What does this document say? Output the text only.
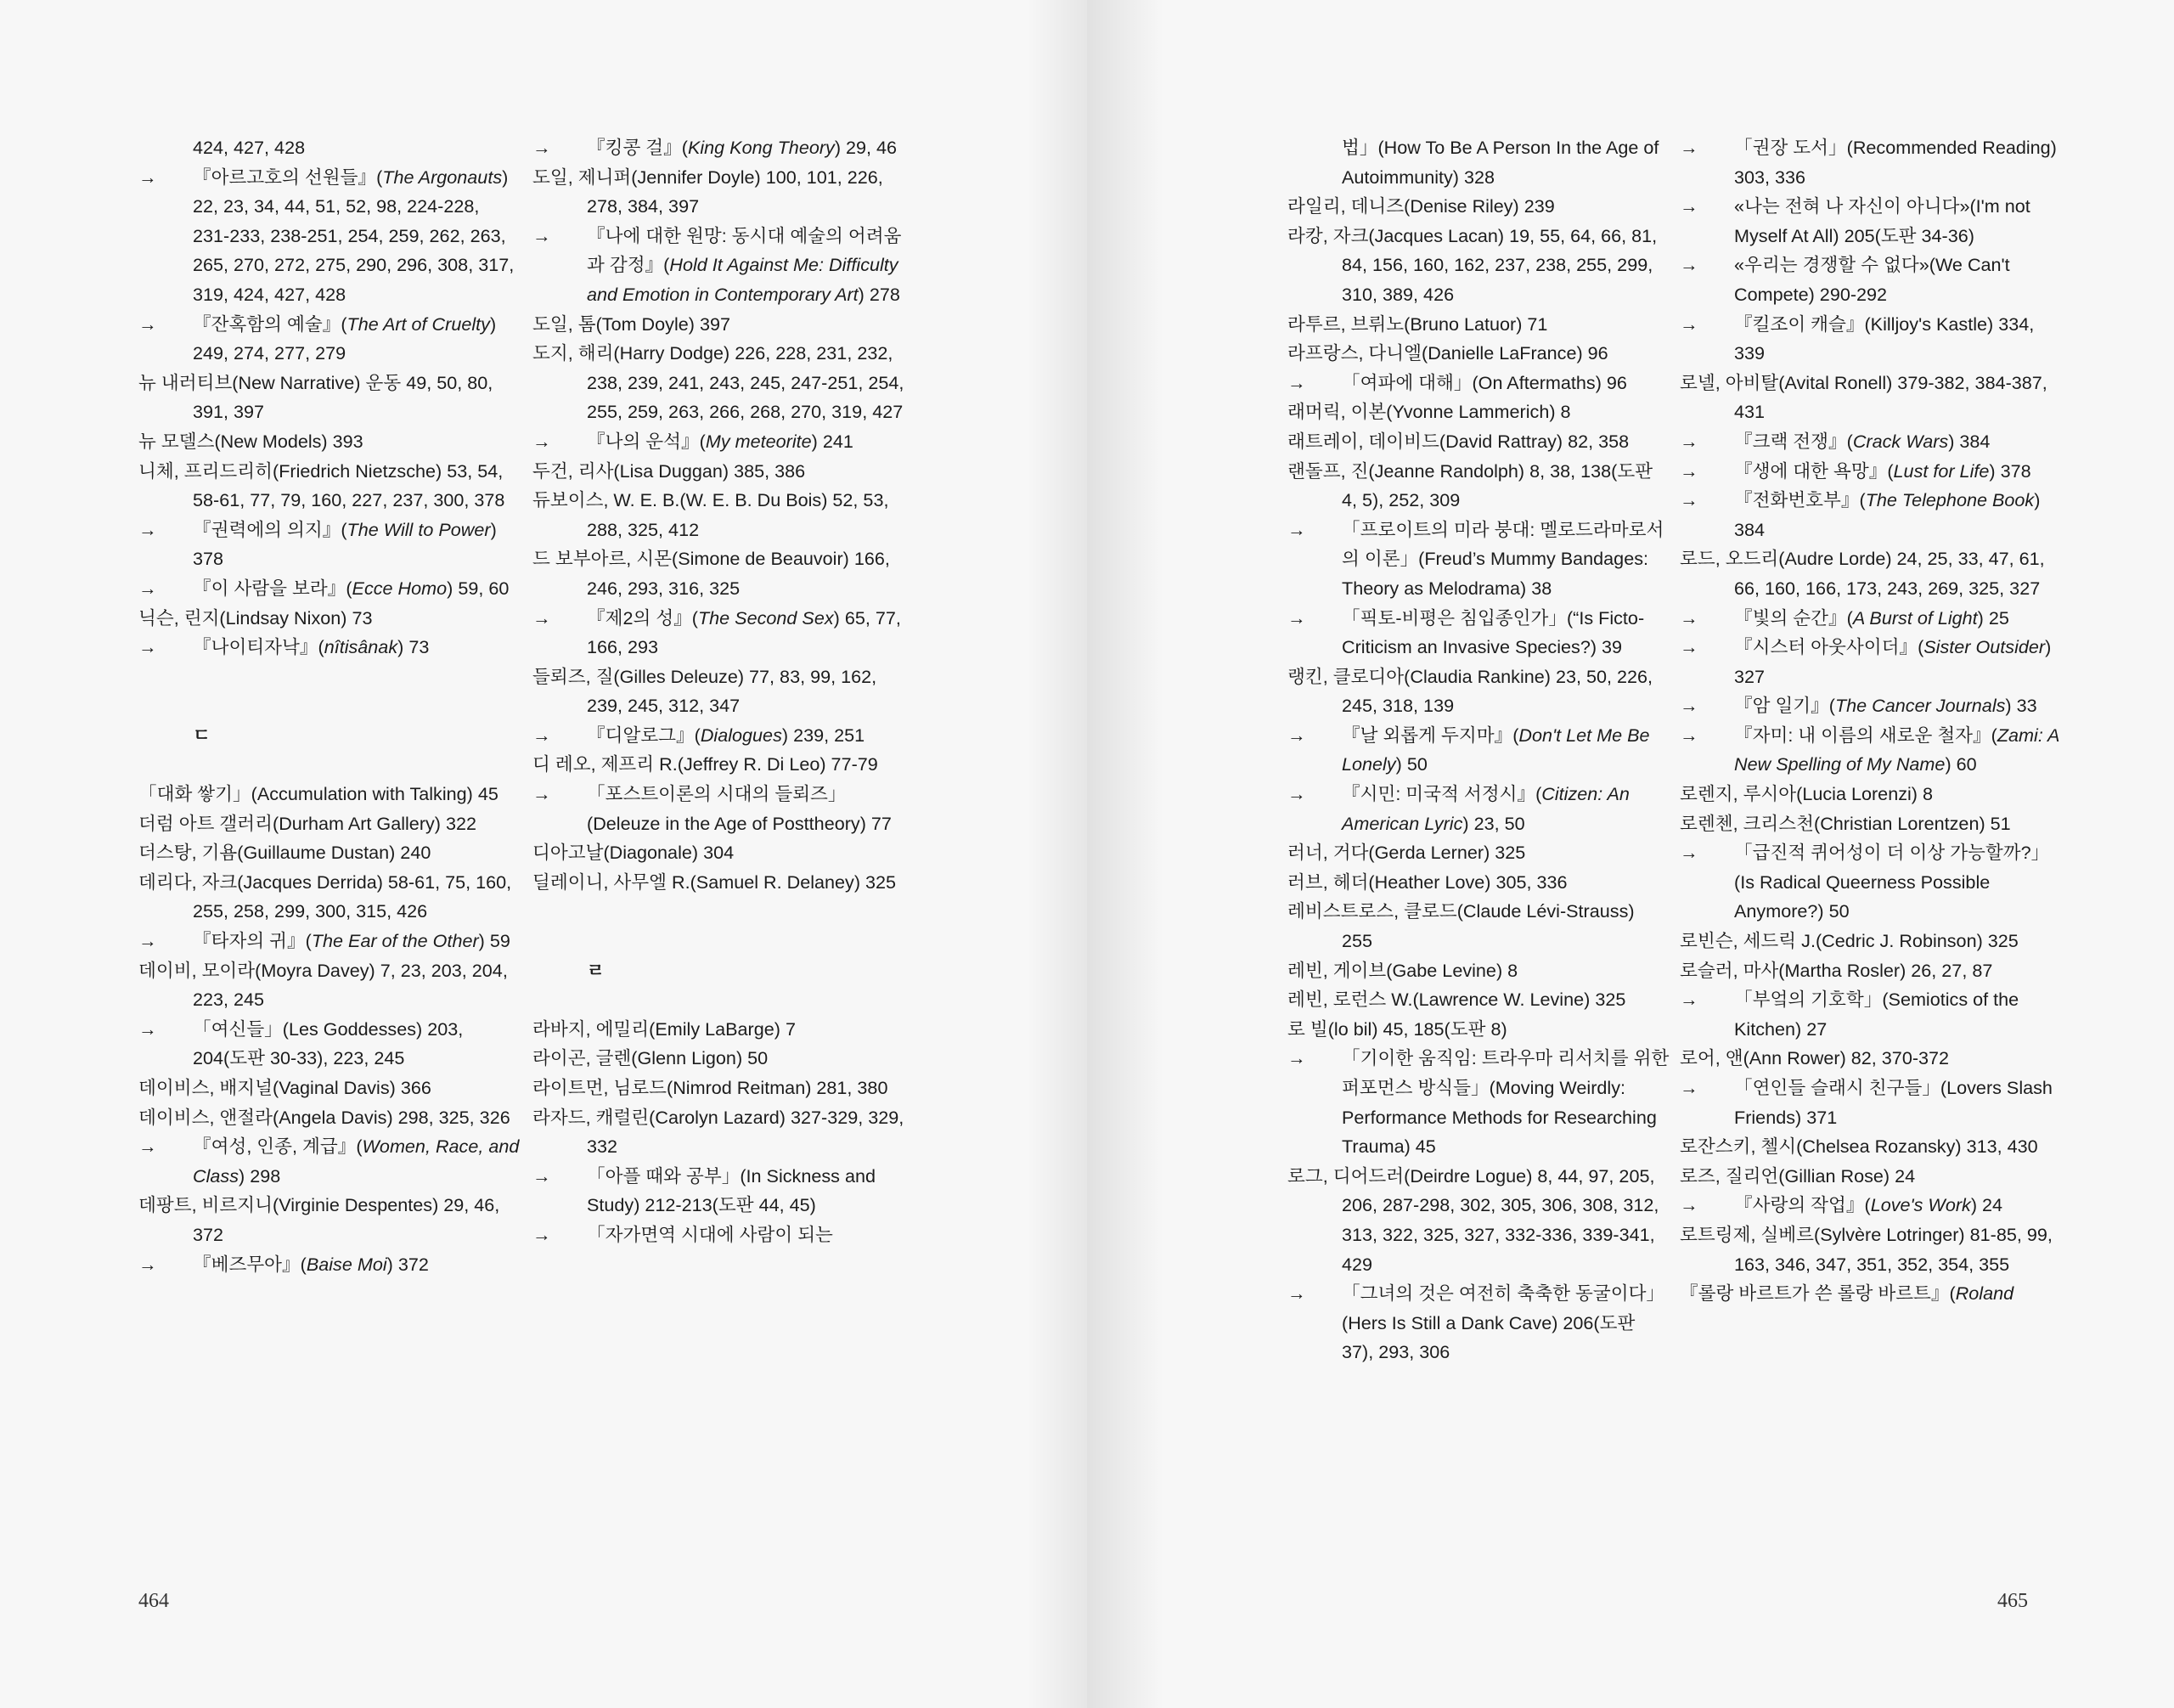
424, 427, 428
→ 『아르고호의 선원들』(The Argonauts) 22, 23, 34, 44, 51, 52, 98, 224-228, 231-233, 238-251, 254, 259, 262, 263, 265, 270, 272, 275, 290, 296, 308, 317, 319, 424, 427, 428
→ 『잔혹함의 예술』(The Art of Cruelty) 249, 274, 277, 279
뉴 내러티브(New Narrative) 운동 49, 50, 80, 391, 397
뉴 모델스(New Models) 393
니체, 프리드리히(Friedrich Nietzsche) 53, 54, 58-61, 77, 79, 160, 227, 237, 300, 378
→ 『권력에의 의지』(The Will to Power) 378
→ 『이 사람을 보라』(Ecce Homo) 59, 60
닉슨, 린지(Lindsay Nixon) 73
→ 『나이티자낙』(nîtisânak) 73
ㄷ
「대화 쌓기」(Accumulation with Talking) 45
더럼 아트 갤러리(Durham Art Gallery) 322
더스탕, 기욤(Guillaume Dustan) 240
데리다, 자크(Jacques Derrida) 58-61, 75, 160, 255, 258, 299, 300, 315, 426
→ 『타자의 귀』(The Ear of the Other) 59
데이비, 모이라(Moyra Davey) 7, 23, 203, 204, 223, 245
→ 「여신들」(Les Goddesses) 203, 204(도판 30-33), 223, 245
데이비스, 배지널(Vaginal Davis) 366
데이비스, 앤절라(Angela Davis) 298, 325, 326
→ 『여성, 인종, 계급』(Women, Race, and Class) 298
데팡트, 비르지니(Virginie Despentes) 29, 46, 372
→ 『베즈무아』(Baise Moi) 372
→ 『킹콩 걸』(King Kong Theory) 29, 46
도일, 제니퍼(Jennifer Doyle) 100, 101, 226, 278, 384, 397
→ 『나에 대한 원망: 동시대 예술의 어려움과 감정』(Hold It Against Me: Difficulty and Emotion in Contemporary Art) 278
도일, 톰(Tom Doyle) 397
도지, 해리(Harry Dodge) 226, 228, 231, 232, 238, 239, 241, 243, 245, 247-251, 254, 255, 259, 263, 266, 268, 270, 319, 427
→ 『나의 운석』(My meteorite) 241
두건, 리사(Lisa Duggan) 385, 386
듀보이스, W. E. B.(W. E. B. Du Bois) 52, 53, 288, 325, 412
드 보부아르, 시몬(Simone de Beauvoir) 166, 246, 293, 316, 325
→ 『제2의 성』(The Second Sex) 65, 77, 166, 293
들뢰즈, 질(Gilles Deleuze) 77, 83, 99, 162, 239, 245, 312, 347
→ 『디알로그』(Dialogues) 239, 251
디 레오, 제프리 R.(Jeffrey R. Di Leo) 77-79
→ 「포스트이론의 시대의 들뢰즈」(Deleuze in the Age of Posttheory) 77
디아고날(Diagonale) 304
딜레이니, 사무엘 R.(Samuel R. Delaney) 325
ㄹ
라바지, 에밀리(Emily LaBarge) 7
라이곤, 글렌(Glenn Ligon) 50
라이트먼, 님로드(Nimrod Reitman) 281, 380
라자드, 캐럴린(Carolyn Lazard) 327-329, 329, 332
→ 「아플 때와 공부」(In Sickness and Study) 212-213(도판 44, 45)
→ 「자가면역 시대에 사람이 되는
464
법」(How To Be A Person In the Age of Autoimmunity) 328
라일리, 데니즈(Denise Riley) 239
라캉, 자크(Jacques Lacan) 19, 55, 64, 66, 81, 84, 156, 160, 162, 237, 238, 255, 299, 310, 389, 426
라투르, 브뤼노(Bruno Latuor) 71
라프랑스, 다니엘(Danielle LaFrance) 96
→ 「여파에 대해」(On Aftermaths) 96
래머릭, 이본(Yvonne Lammerich) 8
래트레이, 데이비드(David Rattray) 82, 358
랜돌프, 진(Jeanne Randolph) 8, 38, 138(도판 4, 5), 252, 309
→ 「프로이트의 미라 붕대: 멜로드라마로서의 이론」(Freud’s Mummy Bandages: Theory as Melodrama) 38
→ 「픽토-비평은 침입종인가」(“Is Ficto-Criticism an Invasive Species?) 39
랭킨, 클로디아(Claudia Rankine) 23, 50, 226, 245, 318, 139
→ 『날 외롭게 두지마』(Don't Let Me Be Lonely) 50
→ 『시민: 미국적 서정시』(Citizen: An American Lyric) 23, 50
러너, 거다(Gerda Lerner) 325
러브, 헤더(Heather Love) 305, 336
레비스트로스, 클로드(Claude Lévi-Strauss) 255
레빈, 게이브(Gabe Levine) 8
레빈, 로런스 W.(Lawrence W. Levine) 325
로 빌(lo bil) 45, 185(도판 8)
→ 「기이한 움직임: 트라우마 리서치를 위한 퍼포먼스 방식들」(Moving Weirdly: Performance Methods for Researching Trauma) 45
로그, 디어드러(Deirdre Logue) 8, 44, 97, 205, 206, 287-298, 302, 305, 306, 308, 312, 313, 322, 325, 327, 332-336, 339-341, 429
→ 「그녀의 것은 여전히 축축한 동굴이다」(Hers Is Still a Dank Cave) 206(도판 37), 293, 306
→ 「권장 도서」(Recommended Reading) 303, 336
→ «나는 전혀 나 자신이 아니다»(I'm not Myself At All) 205(도판 34-36)
→ «우리는 경쟁할 수 없다»(We Can't Compete) 290-292
→ 『킬조이 캐슬』(Killjoy's Kastle) 334, 339
로넬, 아비탈(Avital Ronell) 379-382, 384-387, 431
→ 『크랙 전쟁』(Crack Wars) 384
→ 『생에 대한 욕망』(Lust for Life) 378
→ 『전화번호부』(The Telephone Book) 384
로드, 오드리(Audre Lorde) 24, 25, 33, 47, 61, 66, 160, 166, 173, 243, 269, 325, 327
→ 『빛의 순간』(A Burst of Light) 25
→ 『시스터 아웃사이더』(Sister Outsider) 327
→ 『암 일기』(The Cancer Journals) 33
→ 『자미: 내 이름의 새로운 철자』(Zami: A New Spelling of My Name) 60
로렌지, 루시아(Lucia Lorenzi) 8
로렌첸, 크리스천(Christian Lorentzen) 51
→ 「급진적 퀴어성이 더 이상 가능할까?」(Is Radical Queerness Possible Anymore?) 50
로빈슨, 세드릭 J.(Cedric J. Robinson) 325
로슬러, 마사(Martha Rosler) 26, 27, 87
→ 「부엌의 기호학」(Semiotics of the Kitchen) 27
로어, 앤(Ann Rower) 82, 370-372
→ 「연인들 슬래시 친구들」(Lovers Slash Friends) 371
로잔스키, 첼시(Chelsea Rozansky) 313, 430
로즈, 질리언(Gillian Rose) 24
→ 『사랑의 작업』(Love's Work) 24
로트링제, 실베르(Sylvère Lotringer) 81-85, 99, 163, 346, 347, 351, 352, 354, 355
『롤랑 바르트가 쓴 롤랑 바르트』(Roland
465
